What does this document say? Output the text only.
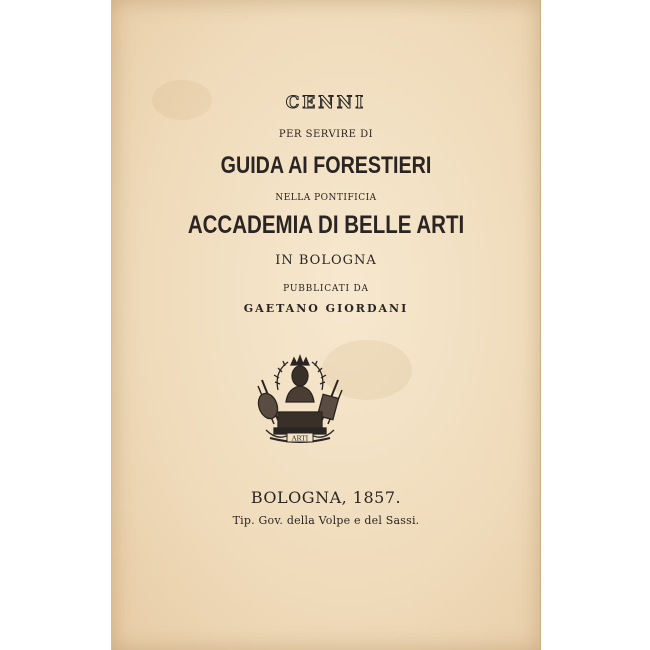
CENNI
PER SERVIRE DI
GUIDA AI FORESTIERI
NELLA PONTIFICIA
ACCADEMIA DI BELLE ARTI
IN BOLOGNA
PUBBLICATI DA
GAETANO GIORDANI
ARTI
BOLOGNA, 1857.
Tip. Gov. della Volpe e del Sassi.
